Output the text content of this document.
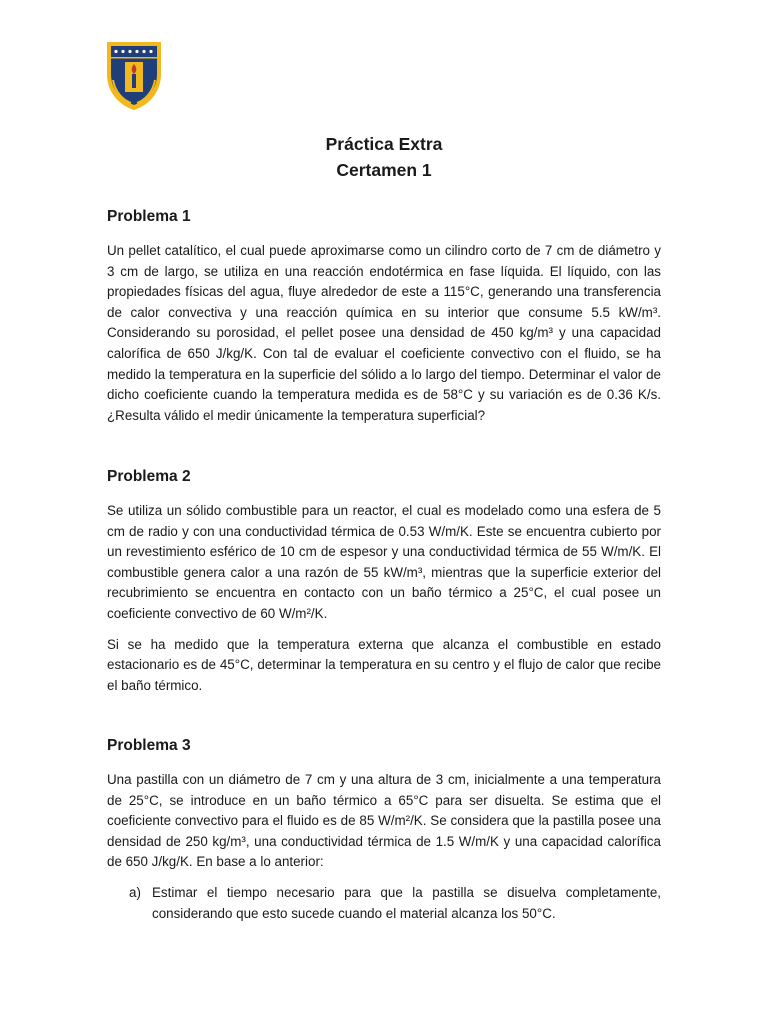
Práctica Extra
Certamen 1
Problema 1

Un pellet catalítico, el cual puede aproximarse como un cilindro corto de 7 cm de diámetro y 3 cm de largo, se utiliza en una reacción endotérmica en fase líquida. El líquido, con las propiedades físicas del agua, fluye alrededor de este a 115°C, generando una transferencia de calor convectiva y una reacción química en su interior que consume 5.5 kW/m³. Considerando su porosidad, el pellet posee una densidad de 450 kg/m³ y una capacidad calorífica de 650 J/kg/K. Con tal de evaluar el coeficiente convectivo con el fluido, se ha medido la temperatura en la superficie del sólido a lo largo del tiempo. Determinar el valor de dicho coeficiente cuando la temperatura medida es de 58°C y su variación es de 0.36 K/s. ¿Resulta válido el medir únicamente la temperatura superficial?

Problema 2

Se utiliza un sólido combustible para un reactor, el cual es modelado como una esfera de 5 cm de radio y con una conductividad térmica de 0.53 W/m/K. Este se encuentra cubierto por un revestimiento esférico de 10 cm de espesor y una conductividad térmica de 55 W/m/K. El combustible genera calor a una razón de 55 kW/m³, mientras que la superficie exterior del recubrimiento se encuentra en contacto con un baño térmico a 25°C, el cual posee un coeficiente convectivo de 60 W/m²/K.

Si se ha medido que la temperatura externa que alcanza el combustible en estado estacionario es de 45°C, determinar la temperatura en su centro y el flujo de calor que recibe el baño térmico.

Problema 3

Una pastilla con un diámetro de 7 cm y una altura de 3 cm, inicialmente a una temperatura de 25°C, se introduce en un baño térmico a 65°C para ser disuelta. Se estima que el coeficiente convectivo para el fluido es de 85 W/m²/K. Se considera que la pastilla posee una densidad de 250 kg/m³, una conductividad térmica de 1.5 W/m/K y una capacidad calorífica de 650 J/kg/K. En base a lo anterior:

a) Estimar el tiempo necesario para que la pastilla se disuelva completamente, considerando que esto sucede cuando el material alcanza los 50°C.
